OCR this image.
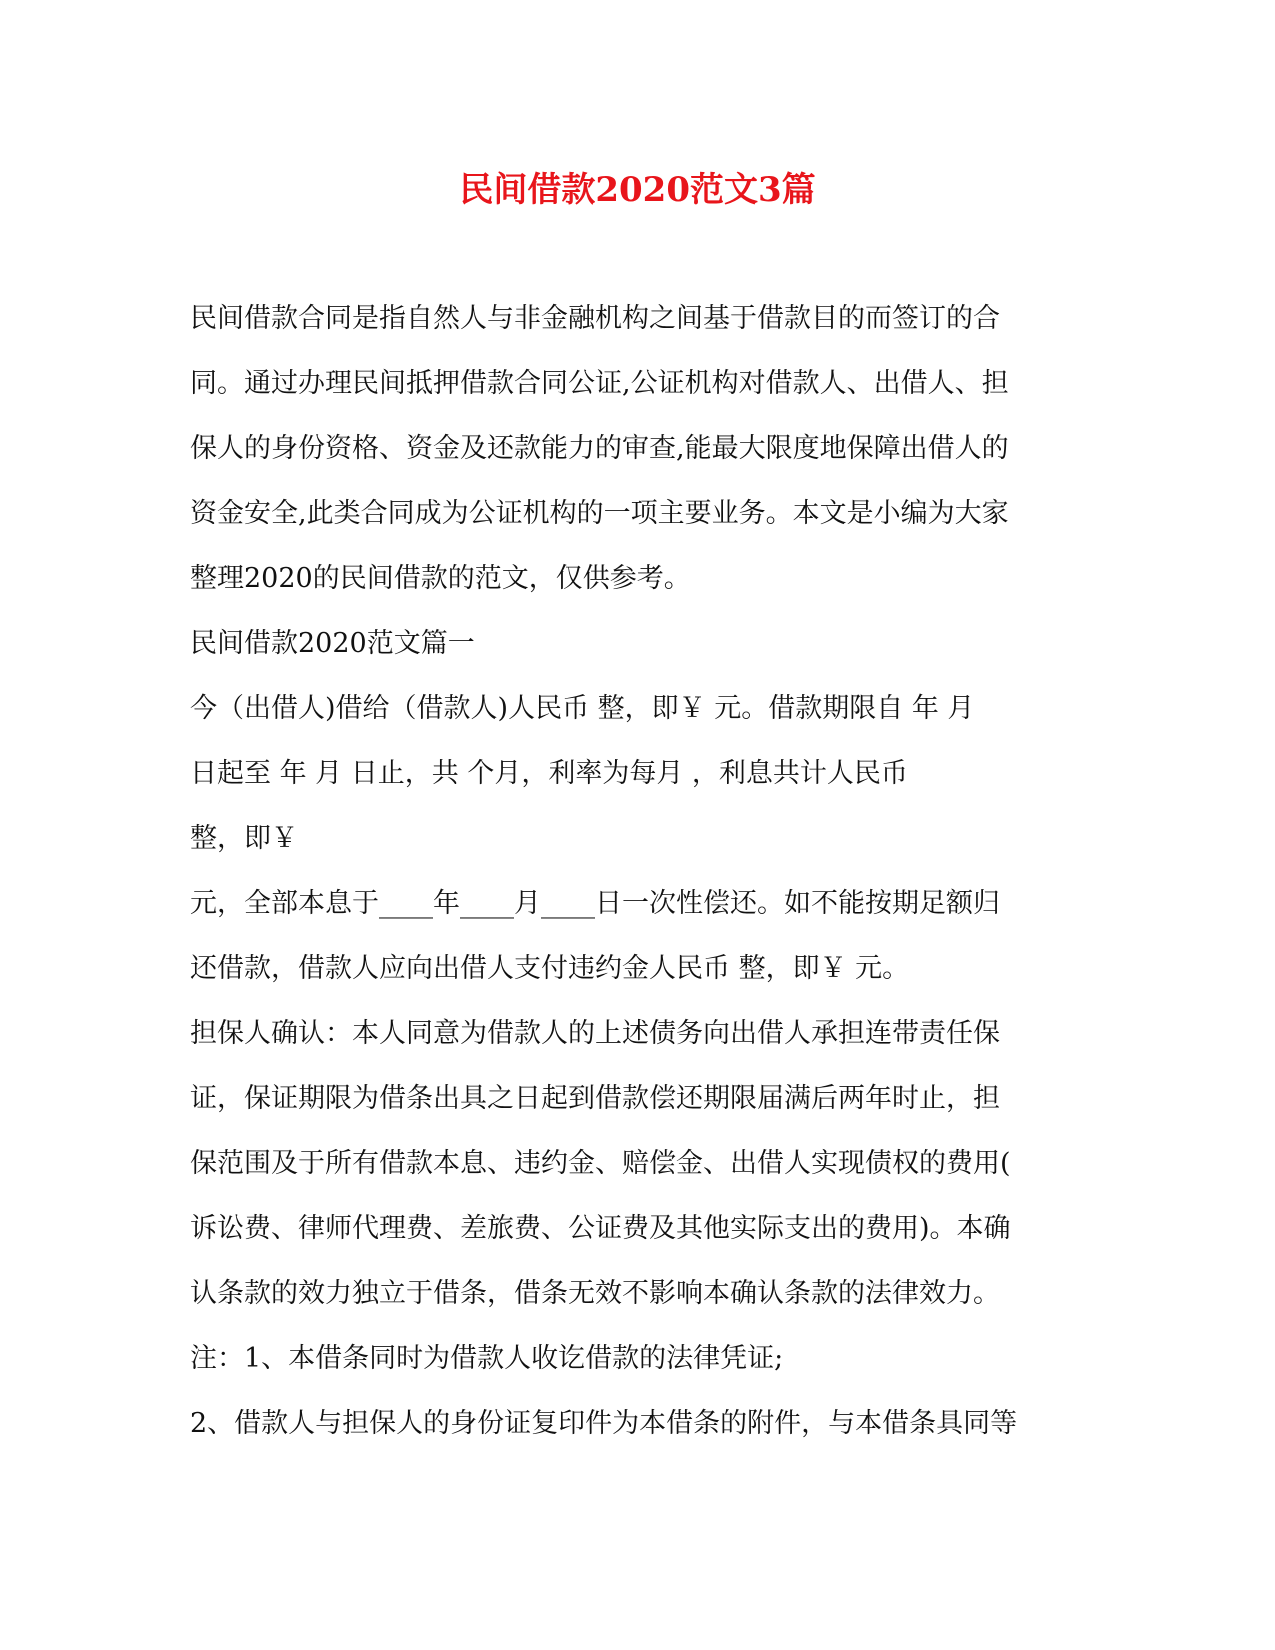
民间借款2020范文3篇
民间借款合同是指自然人与非金融机构之间基于借款目的而签订的合
同。通过办理民间抵押借款合同公证,公证机构对借款人、出借人、担
保人的身份资格、资金及还款能力的审查,能最大限度地保障出借人的
资金安全,此类合同成为公证机构的一项主要业务。本文是小编为大家
整理2020的民间借款的范文，仅供参考。
民间借款2020范文篇一
今（出借人)借给（借款人)人民币 整，即￥ 元。借款期限自 年 月
日起至 年 月 日止，共 个月，利率为每月 ，利息共计人民币
整，即￥
元，全部本息于____年____月____日一次性偿还。如不能按期足额归
还借款，借款人应向出借人支付违约金人民币 整，即￥ 元。
担保人确认：本人同意为借款人的上述债务向出借人承担连带责任保
证，保证期限为借条出具之日起到借款偿还期限届满后两年时止，担
保范围及于所有借款本息、违约金、赔偿金、出借人实现债权的费用(
诉讼费、律师代理费、差旅费、公证费及其他实际支出的费用)。本确
认条款的效力独立于借条，借条无效不影响本确认条款的法律效力。
注：1、本借条同时为借款人收讫借款的法律凭证;
2、借款人与担保人的身份证复印件为本借条的附件，与本借条具同等
